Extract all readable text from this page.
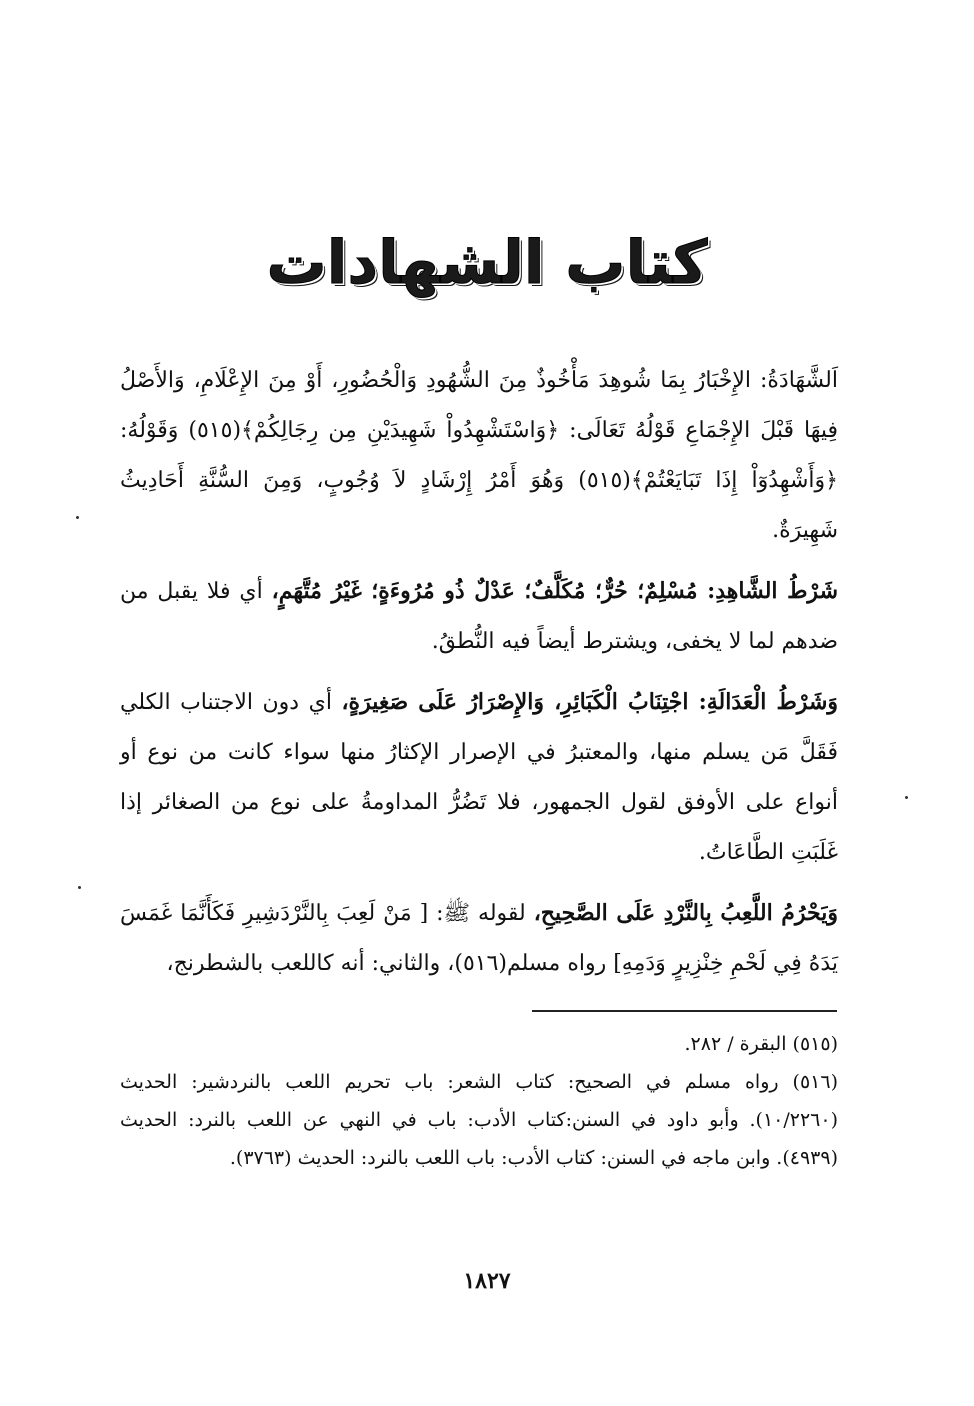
كتاب الشهادات

اَلشَّهَادَةُ: الإِخْبَارُ بِمَا شُوهِدَ مَأْخُوذٌ مِنَ الشُّهُودِ وَالْحُضُورِ، أَوْ مِنَ الإِعْلَامِ، وَالأَصْلُ فِيهَا قَبْلَ الإِجْمَاعِ قَوْلُهُ تَعَالَى: ﴿وَاسْتَشْهِدُواْ شَهِيدَيْنِ مِن رِجَالِكُمْ﴾(٥١٥) وَقَوْلُهُ: ﴿وَأَشْهِدُوٓاْ إِذَا تَبَايَعْتُمْ﴾(٥١٥) وَهُوَ أَمْرُ إِرْشَادٍ لاَ وُجُوبٍ، وَمِنَ السُّنَّةِ أَحَادِيثُ شَهِيرَةٌ.

شَرْطُ الشَّاهِدِ: مُسْلِمٌ؛ حُرٌّ؛ مُكَلَّفٌ؛ عَدْلٌ ذُو مُرُوءَةٍ؛ غَيْرُ مُتَّهَمٍ، أي فلا يقبل من ضدهم لما لا يخفى، ويشترط أيضاً فيه النُّطقُ.

وَشَرْطُ الْعَدَالَةِ: اجْتِنَابُ الْكَبَائِرِ، وَالإِصْرَارُ عَلَى صَغِيرَةٍ، أي دون الاجتناب الكلي فَقَلَّ مَن يسلم منها، والمعتبرُ في الإصرار الإكثارُ منها سواء كانت من نوع أو أنواع على الأوفق لقول الجمهور، فلا تَضُرُّ المداومةُ على نوع من الصغائر إذا غَلَبَتِ الطَّاعَاتُ.

وَيَحْرُمُ اللَّعِبُ بِالنَّرْدِ عَلَى الصَّحِيحِ، لقوله ﷺ: [ مَنْ لَعِبَ بِالنَّرْدَشِيرِ فَكَأَنَّمَا غَمَسَ يَدَهُ فِي لَحْمِ خِنْزِيرٍ وَدَمِهِ] رواه مسلم(٥١٦)، والثاني: أنه كاللعب بالشطرنج،

(٥١٥) البقرة / ٢٨٢.

(٥١٦) رواه مسلم في الصحيح: كتاب الشعر: باب تحريم اللعب بالنردشير: الحديث (١٠/٢٢٦٠). وأبو داود في السنن:كتاب الأدب: باب في النهي عن اللعب بالنرد: الحديث (٤٩٣٩). وابن ماجه في السنن: كتاب الأدب: باب اللعب بالنرد: الحديث (٣٧٦٣).

١٨٢٧
